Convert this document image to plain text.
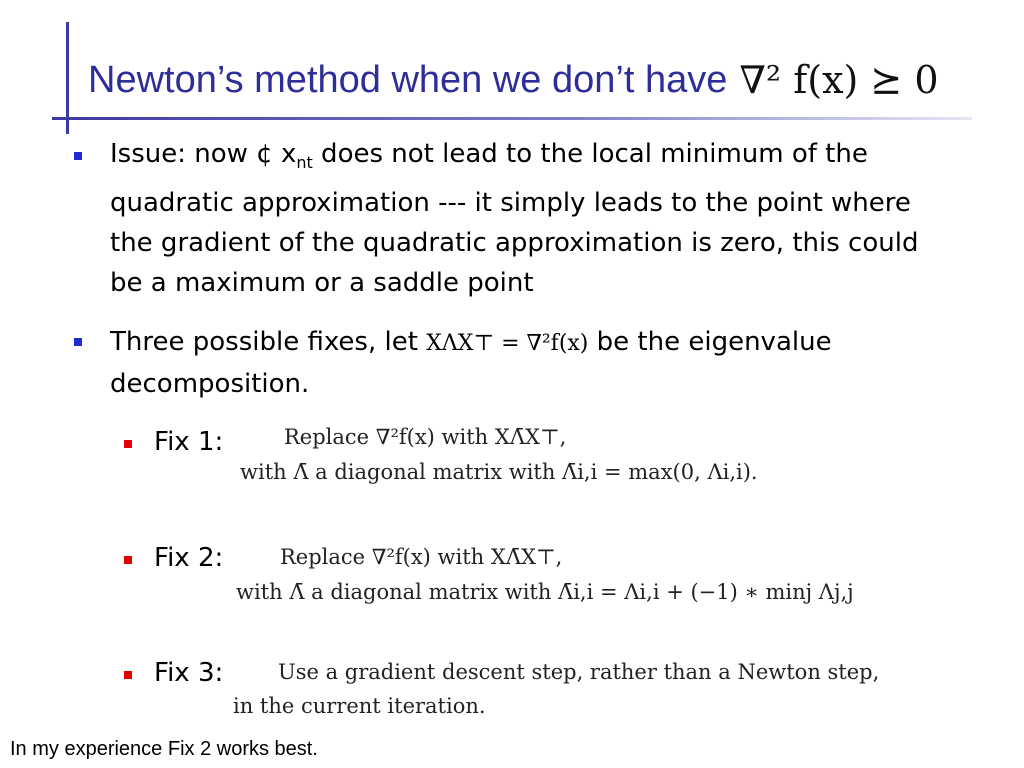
Newton’s method when we don’t have ∇² f(x) ⪰ 0
Issue: now ¢ $x_{nt}$ does not lead to the local minimum of the
quadratic approximation --- it simply leads to the point where
the gradient of the quadratic approximation is zero, this could
be a maximum or a saddle point
Three possible fixes, let XΛX⊤ = ∇²f(x) be the eigenvalue
decomposition.
Fix 1:	Replace ∇²f(x) with XΛ̄X⊤,
with Λ̄ a diagonal matrix with Λ̄i,i = max(0, Λi,i).
Fix 2:	Replace ∇²f(x) with XΛ̄X⊤,
with Λ̄ a diagonal matrix with Λ̄i,i = Λi,i + (−1) ∗ minj Λj,j
Fix 3:	Use a gradient descent step, rather than a Newton step,
in the current iteration.
In my experience Fix 2 works best.
